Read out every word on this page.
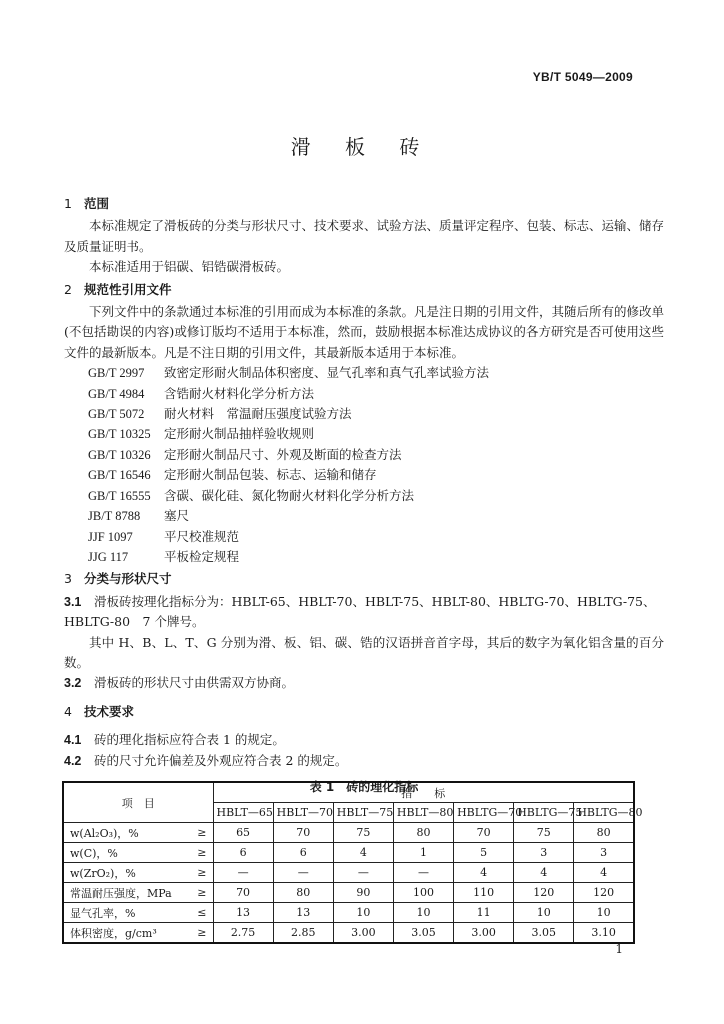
YB/T 5049—2009
滑 板 砖
1 范围

本标准规定了滑板砖的分类与形状尺寸、技术要求、试验方法、质量评定程序、包装、标志、运输、储存及质量证明书。

本标准适用于铝碳、铝锆碳滑板砖。

2 规范性引用文件

下列文件中的条款通过本标准的引用而成为本标准的条款。凡是注日期的引用文件，其随后所有的修改单(不包括勘误的内容)或修订版均不适用于本标准，然而，鼓励根据本标准达成协议的各方研究是否可使用这些文件的最新版本。凡是不注日期的引用文件，其最新版本适用于本标准。

GB/T 2997 致密定形耐火制品体积密度、显气孔率和真气孔率试验方法

GB/T 4984 含锆耐火材料化学分析方法

GB/T 5072 耐火材料　常温耐压强度试验方法

GB/T 10325 定形耐火制品抽样验收规则

GB/T 10326 定形耐火制品尺寸、外观及断面的检查方法

GB/T 16546 定形耐火制品包装、标志、运输和储存

GB/T 16555 含碳、碳化硅、氮化物耐火材料化学分析方法

JB/T 8788 塞尺

JJF 1097 平尺校准规范

JJG 117	平板检定规程

3 分类与形状尺寸

3.1 滑板砖按理化指标分为：HBLT-65、HBLT-70、HBLT-75、HBLT-80、HBLTG-70、HBLTG-75、HBLTG-80　7 个牌号。

其中 H、B、L、T、G 分别为滑、板、铝、碳、锆的汉语拼音首字母，其后的数字为氧化铝含量的百分数。

3.2 滑板砖的形状尺寸由供需双方协商。

4 技术要求

4.1 砖的理化指标应符合表 1 的规定。

4.2 砖的尺寸允许偏差及外观应符合表 2 的规定。

表 1　砖的理化指标
项　目		指　　标						
		HBLT—65	HBLT—70	HBLT—75	HBLT—80	HBLTG—70	HBLTG—75	HBLTG—80
w(Al₂O₃)，%	≥	65	70	75	80	70	75	80
w(C)，%	≥	6	6	4	1	5	3	3
w(ZrO₂)，%	≥	—	—	—	—	4	4	4
常温耐压强度，MPa	≥	70	80	90	100	110	120	120
显气孔率，%	≤	13	13	10	10	11	10	10
体积密度，g/cm³	≥	2.75	2.85	3.00	3.05	3.00	3.05	3.10
1
